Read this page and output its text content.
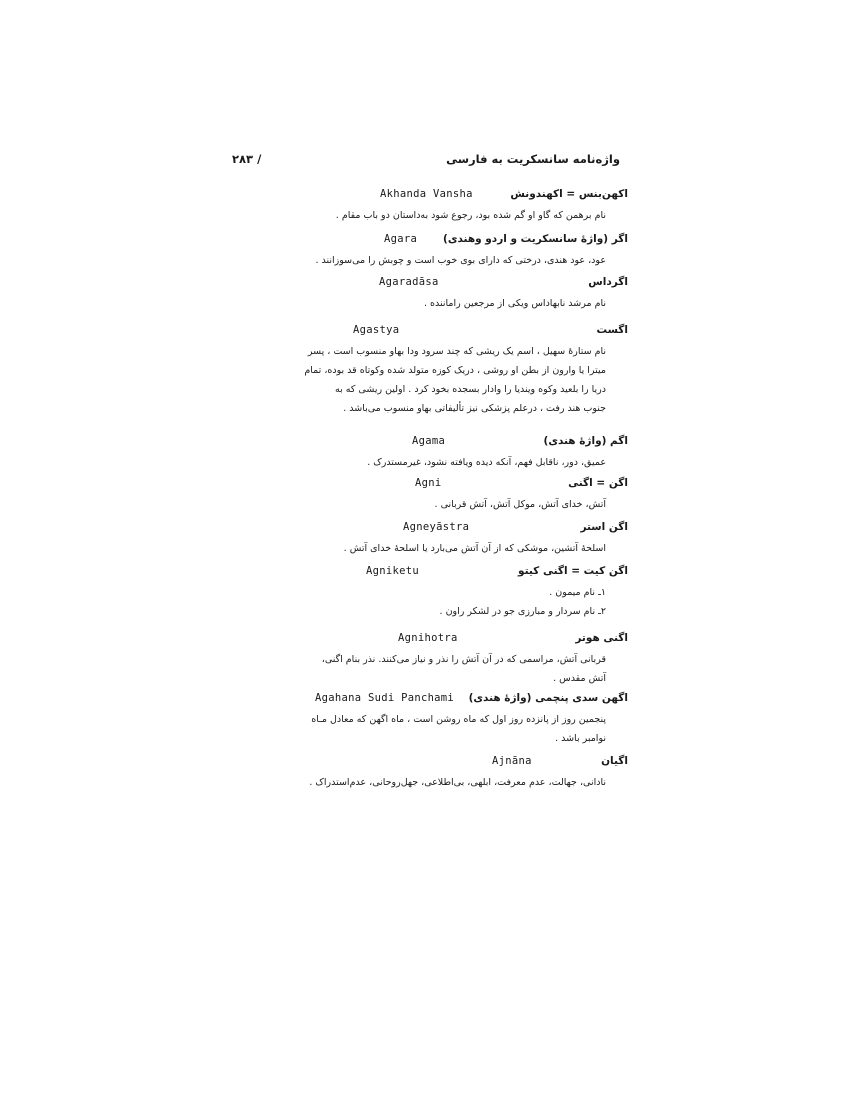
واژه‌نامه سانسکریت به فارسی
۲۸۳ /
Akhanda Vansha	اکهن‌بنس = اکهند‌ونش

نام برهمن که گاو او گم شده بود، رجوع شود به‌داستان دو باب مقام .

Agara اگر (واژهٔ سانسکریت و اردو وهندی)

عود، عود هندی، درختی که دارای بوی خوب است و چوبش را می‌سوزانند .

Agaradāsa	اگرداس

نام مرشد نابهاداس ویکی از مرجعین راماننده .

Agastya	اگست

نام ستارهٔ سهیل ، اسم یک ریشی که چند سرود ودا بهاو منسوب است ، پسر

میترا یا وارون از بطن او روشی ، دریک کوزه متولد شده وکوتاه قد بوده، تمام

دریا را بلعید وکوه ویندیا را وادار بسجده بخود کرد . اولین ریشی که به

جنوب هند رفت ، درعلم پزشکی نیز تألیفاتی بهاو منسوب می‌باشد .

Agama	اگم (واژهٔ هندی)

عمیق، دور، ناقابل فهم، آنکه دیده ویافته نشود، غیرمستدرک .

Agni	اگن = اگنی

آتش، خدای آتش، موکل آتش، آتش قربانی .

Agneyāstra	اگن استر

اسلحهٔ آتشین، موشکی که از آن آتش می‌بارد یا اسلحهٔ خدای آتش .

Agniketu	اگن کیت = اگنی کیتو

۱ـ نام میمون .

۲ـ نام سردار و مبارزی جو در لشکر راون .

Agnihotra	اگنی هوتر

قربانی آتش، مراسمی که در آن آتش را نذر و نیاز می‌کنند. نذر بنام اگنی،

آتش مقدس .

Agahana Sudi Panchami اگهن سدی پنچمی (واژهٔ هندی)

پنجمین روز از پانزده روز اول که ماه روشن است ، ماه اگهن که معادل مـاه

نوامبر باشد .

Ajnāna	اگیان

نادانی، جهالت، عدم معرفت، ابلهی، بی‌اطلاعی، جهل‌روحانی، عدم‌استدراک .
